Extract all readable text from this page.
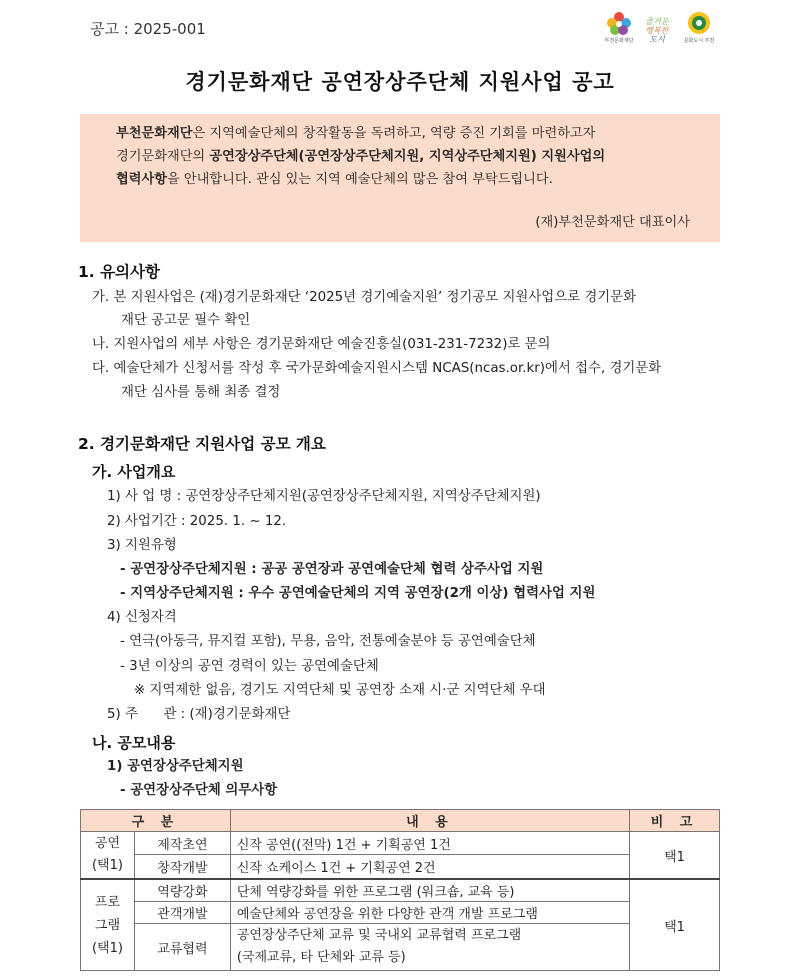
공고 : 2025-001
부천문화재단
즐거운
행복한
도시	문화도시 부천
경기문화재단 공연장상주단체 지원사업 공고
부천문화재단은 지역예술단체의 창작활동을 독려하고, 역량 증진 기회를 마련하고자
경기문화재단의 공연장상주단체(공연장상주단체지원, 지역상주단체지원) 지원사업의
협력사항을 안내합니다. 관심 있는 지역 예술단체의 많은 참여 부탁드립니다.
(재)부천문화재단 대표이사
1. 유의사항
가. 본 지원사업은 (재)경기문화재단 ‘2025년 경기예술지원’ 정기공모 지원사업으로 경기문화
재단 공고문 필수 확인
나. 지원사업의 세부 사항은 경기문화재단 예술진흥실(031-231-7232)로 문의
다. 예술단체가 신청서를 작성 후 국가문화예술지원시스템 NCAS(ncas.or.kr)에서 접수, 경기문화
재단 심사를 통해 최종 결정
2. 경기문화재단 지원사업 공모 개요
가. 사업개요
1) 사 업 명 : 공연장상주단체지원(공연장상주단체지원, 지역상주단체지원)
2) 사업기간 : 2025. 1. ~ 12.
3) 지원유형
- 공연장상주단체지원 : 공공 공연장과 공연예술단체 협력 상주사업 지원
- 지역상주단체지원 : 우수 공연예술단체의 지역 공연장(2개 이상) 협력사업 지원
4) 신청자격
- 연극(아동극, 뮤지컬 포함), 무용, 음악, 전통예술분야 등 공연예술단체
- 3년 이상의 공연 경력이 있는 공연예술단체
※ 지역제한 없음, 경기도 지역단체 및 공연장 소재 시·군 지역단체 우대
5) 주      관 : (재)경기문화재단
나. 공모내용
1) 공연장상주단체지원
- 공연장상주단체 의무사항
구 분		내 용	비 고

공연
(택1)	제작초연	신작 공연((전막) 1건 + 기획공연 1건	택1
	창작개발	신작 쇼케이스 1건 + 기획공연 2건	

프로
그램
(택1)	역량강화	단체 역량강화를 위한 프로그램 (워크숍, 교육 등)	택1
	관객개발	예술단체와 공연장을 위한 다양한 관객 개발 프로그램	
	교류협력	공연장상주단체 교류 및 국내외 교류협력 프로그램
(국제교류, 타 단체와 교류 등)	
